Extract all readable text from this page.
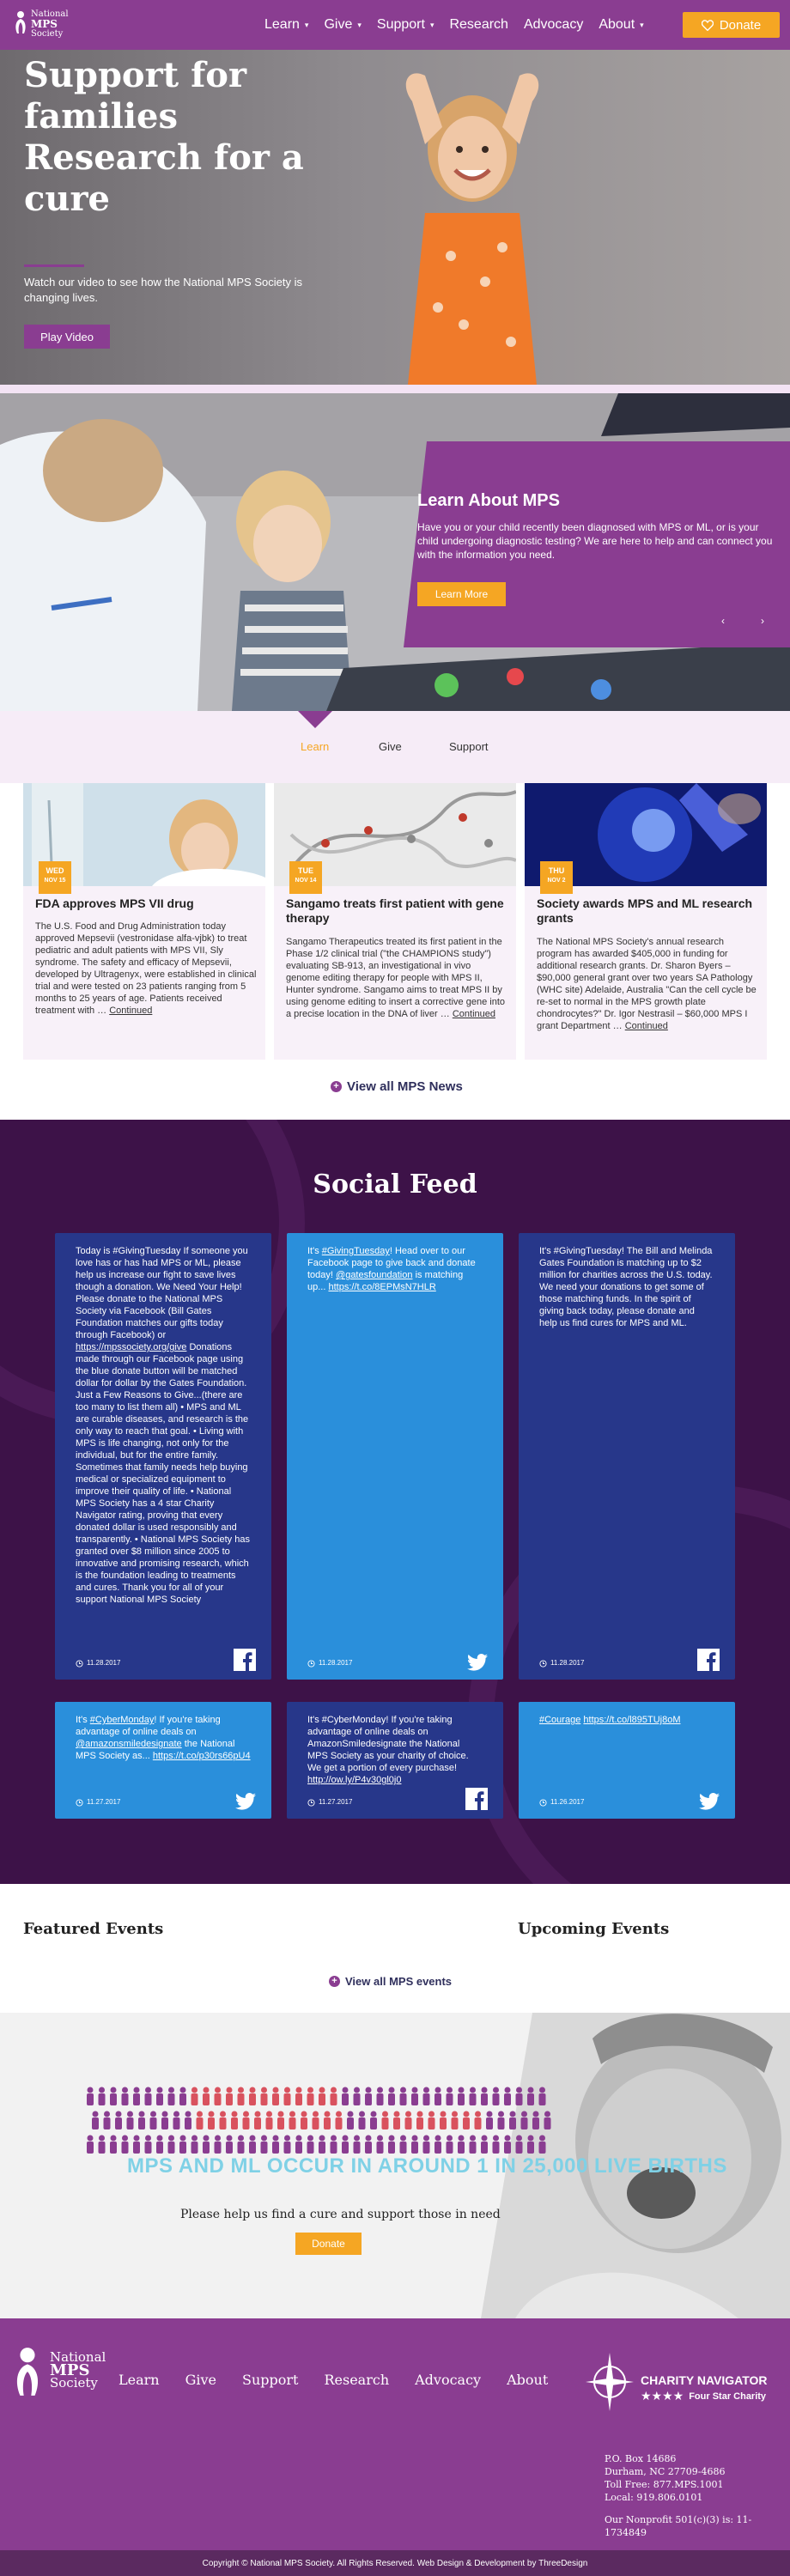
National
MPS
Society
Learn ▾ Give ▾ Support ▾ Research Advocacy About ▾	Donate
Support for families Research for a cure
Watch our video to see how the National MPS Society is changing lives.
Play Video
Learn About MPS
Have you or your child recently been diagnosed with MPS or ML, or is your child undergoing diagnostic testing? We are here to help and can connect you with the information you need.
Learn More
‹	›
Learn	Give	Support
WED
NOV 15
FDA approves MPS VII drug
The U.S. Food and Drug Administration today approved Mepsevii (vestronidase alfa-vjbk) to treat pediatric and adult patients with MPS VII, Sly syndrome. The safety and efficacy of Mepsevii, developed by Ultragenyx, were established in clinical trial and were tested on 23 patients ranging from 5 months to 25 years of age. Patients received treatment with … Continued
TUE
NOV 14
Sangamo treats first patient with gene therapy
Sangamo Therapeutics treated its first patient in the Phase 1/2 clinical trial ("the CHAMPIONS study") evaluating SB-913, an investigational in vivo genome editing therapy for people with MPS II, Hunter syndrome. Sangamo aims to treat MPS II by using genome editing to insert a corrective gene into a precise location in the DNA of liver … Continued
THU
NOV 2
Society awards MPS and ML research grants
The National MPS Society's annual research program has awarded $405,000 in funding for additional research grants. Dr. Sharon Byers – $90,000 general grant over two years SA Pathology (WHC site) Adelaide, Australia "Can the cell cycle be re-set to normal in the MPS growth plate chondrocytes?" Dr. Igor Nestrasil – $60,000 MPS I grant Department … Continued
+ View all MPS News
Social Feed
Today is #GivingTuesday If someone you love has or has had MPS or ML, please help us increase our fight to save lives though a donation. We Need Your Help! Please donate to the National MPS Society via Facebook (Bill Gates Foundation matches our gifts today through Facebook) or https://mpssociety.org/give Donations made through our Facebook page using the blue donate button will be matched dollar for dollar by the Gates Foundation. Just a Few Reasons to Give...(there are too many to list them all) • MPS and ML are curable diseases, and research is the only way to reach that goal. • Living with MPS is life changing, not only for the individual, but for the entire family. Sometimes that family needs help buying medical or specialized equipment to improve their quality of life. • National MPS Society has a 4 star Charity Navigator rating, proving that every donated dollar is used responsibly and transparently. • National MPS Society has granted over $8 million since 2005 to innovative and promising research, which is the foundation leading to treatments and cures. Thank you for all of your support National MPS Society
11.28.2017
It's #GivingTuesday! Head over to our Facebook page to give back and donate today! @gatesfoundation is matching up... https://t.co/8EPMsN7HLR
11.28.2017
It's #GivingTuesday! The Bill and Melinda Gates Foundation is matching up to $2 million for charities across the U.S. today. We need your donations to get some of those matching funds. In the spirit of giving back today, please donate and help us find cures for MPS and ML.
11.28.2017
It's #CyberMonday! If you're taking advantage of online deals on @amazonsmiledesignate the National MPS Society as... https://t.co/p30rs66pU4
11.27.2017
It's #CyberMonday! If you're taking advantage of online deals on AmazonSmiledesignate the National MPS Society as your charity of choice. We get a portion of every purchase! http://ow.ly/P4v30gl0j0
11.27.2017
#Courage https://t.co/l895TUj8oM
11.26.2017
Featured Events	Upcoming Events
+ View all MPS events
MPS AND ML OCCUR IN AROUND 1 IN 25,000 LIVE BIRTHS
Please help us find a cure and support those in need
Donate
National
MPS
Society	Learn Give Support Research Advocacy About	CHARITY NAVIGATOR
★★★★ Four Star Charity
P.O. Box 14686
Durham, NC 27709-4686
Toll Free: 877.MPS.1001
Local: 919.806.0101
Our Nonprofit 501(c)(3) is: 11-1734849
Copyright © National MPS Society. All Rights Reserved. Web Design & Development by ThreeDesign
